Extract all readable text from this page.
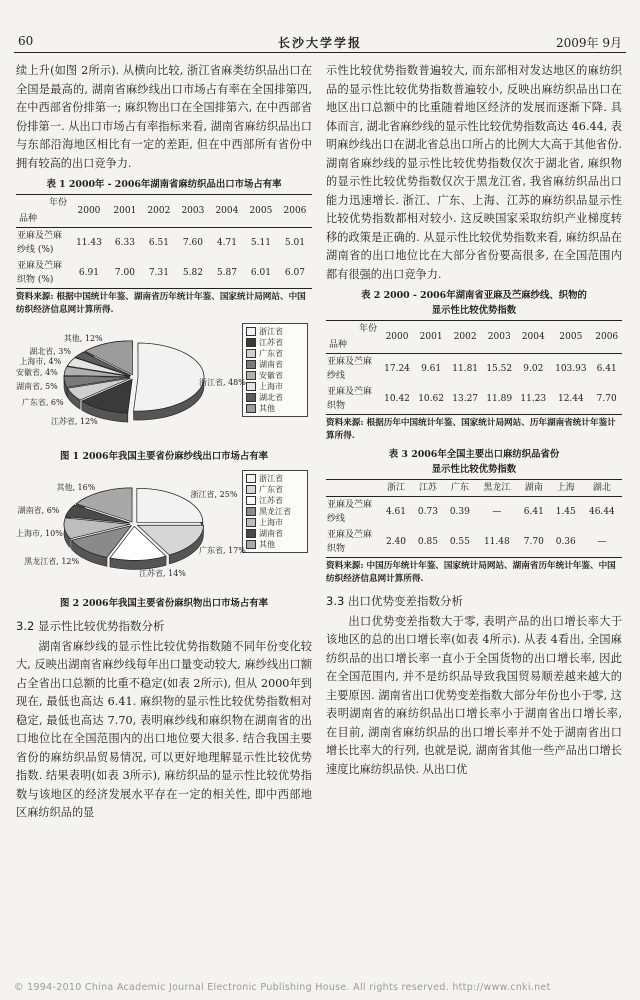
60	长沙大学学报	2009年 9月

续上升(如图 2所示). 从横向比较, 浙江省麻类纺织品出口在全国是最高的, 湖南省麻纱线出口市场占有率在全国排第四, 在中西部省份排第一; 麻织物出口在全国排第六, 在中西部省份排第一. 从出口市场占有率指标来看, 湖南省麻纺织品出口与东部沿海地区相比有一定的差距, 但在中西部所有省份中拥有较高的出口竞争力.

表 1 2000年 - 2006年湖南省麻纺织品出口市场占有率
年份
品种	2000	2001	2002	2003	2004	2005	2006
亚麻及苎麻纱线 (%)	11.43	6.33	6.51	7.60	4.71	5.11	5.01
亚麻及苎麻织物 (%)	6.91	7.00	7.31	5.82	5.87	6.01	6.07
资料来源: 根据中国统计年鉴、湖南省历年统计年鉴、国家统计局网站、中国纺织经济信息网计算所得.
浙江省
江苏省
广东省
湖南省
安徽省
上海市
湖北省
其他
浙江省, 48%
江苏省, 12%
广东省, 6%
湖南省, 5%
安徽省, 4%
上海市, 4%
湖北省, 3%
其他, 12%
图 1 2006年我国主要省份麻纱线出口市场占有率
浙江省
广东省
江苏省
黑龙江省
上海市
湖南省
其他
浙江省, 25%
广东省, 17%
江苏省, 14%
黑龙江省, 12%
上海市, 10%
湖南省, 6%
其他, 16%
图 2 2006年我国主要省份麻织物出口市场占有率
3.2 显示性比较优势指数分析

湖南省麻纱线的显示性比较优势指数随不同年份变化较大, 反映出湖南省麻纱线每年出口量变动较大, 麻纱线出口额占全省出口总额的比重不稳定(如表 2所示), 但从 2000年到现在, 最低也高达 6.41. 麻织物的显示性比较优势指数相对稳定, 最低也高达 7.70, 表明麻纱线和麻织物在湖南省的出口地位比在全国范围内的出口地位要大很多. 结合我国主要省份的麻纺织品贸易情况, 可以更好地理解显示性比较优势指数. 结果表明(如表 3所示), 麻纺织品的显示性比较优势指数与该地区的经济发展水平存在一定的相关性, 即中西部地区麻纺织品的显

示性比较优势指数普遍较大, 而东部相对发达地区的麻纺织品的显示性比较优势指数普遍较小, 反映出麻纺织品出口在地区出口总额中的比重随着地区经济的发展而逐渐下降. 具体而言, 湖北省麻纱线的显示性比较优势指数高达 46.44, 表明麻纱线出口在湖北省总出口所占的比例大大高于其他省份. 湖南省麻纱线的显示性比较优势指数仅次于湖北省, 麻织物的显示性比较优势指数仅次于黑龙江省, 我省麻纺织品出口能力迅速增长. 浙江、广东、上海、江苏的麻纺织品显示性比较优势指数都相对较小. 这反映国家采取纺织产业梯度转移的政策是正确的. 从显示性比较优势指数来看, 麻纺织品在湖南省的出口地位比在大部分省份要高很多, 在全国范围内都有很强的出口竞争力.

表 2 2000 - 2006年湖南省亚麻及苎麻纱线、织物的
显示性比较优势指数
年份
品种	2000	2001	2002	2003	2004	2005	2006
亚麻及苎麻纱线	17.24	9.61	11.81	15.52	9.02	103.93	6.41
亚麻及苎麻织物	10.42	10.62	13.27	11.89	11.23	12.44	7.70
资料来源: 根据历年中国统计年鉴、国家统计局网站、历年湖南省统计年鉴计算所得.
表 3 2006年全国主要出口麻纺织品省份
显示性比较优势指数
	浙江	江苏	广东	黑龙江	湖南	上海	湖北
亚麻及苎麻纱线	4.61	0.73	0.39	—	6.41	1.45	46.44
亚麻及苎麻织物	2.40	0.85	0.55	11.48	7.70	0.36	—
资料来源: 中国历年统计年鉴、国家统计局网站、湖南省历年统计年鉴、中国纺织经济信息网计算所得.
3.3 出口优势变差指数分析

出口优势变差指数大于零, 表明产品的出口增长率大于该地区的总的出口增长率(如表 4所示). 从表 4看出, 全国麻纺织品的出口增长率一直小于全国货物的出口增长率, 因此在全国范围内, 并不是纺织品导致我国贸易顺差越来越大的主要原因. 湖南省出口优势变差指数大部分年份也小于零, 这表明湖南省的麻纺织品出口增长率小于湖南省出口增长率, 在目前, 湖南省麻纺织品的出口增长率并不处于湖南省出口增长比率大的行列, 也就是说, 湖南省其他一些产品出口增长速度比麻纺织品快. 从出口优

© 1994-2010 China Academic Journal Electronic Publishing House. All rights reserved. http://www.cnki.net
